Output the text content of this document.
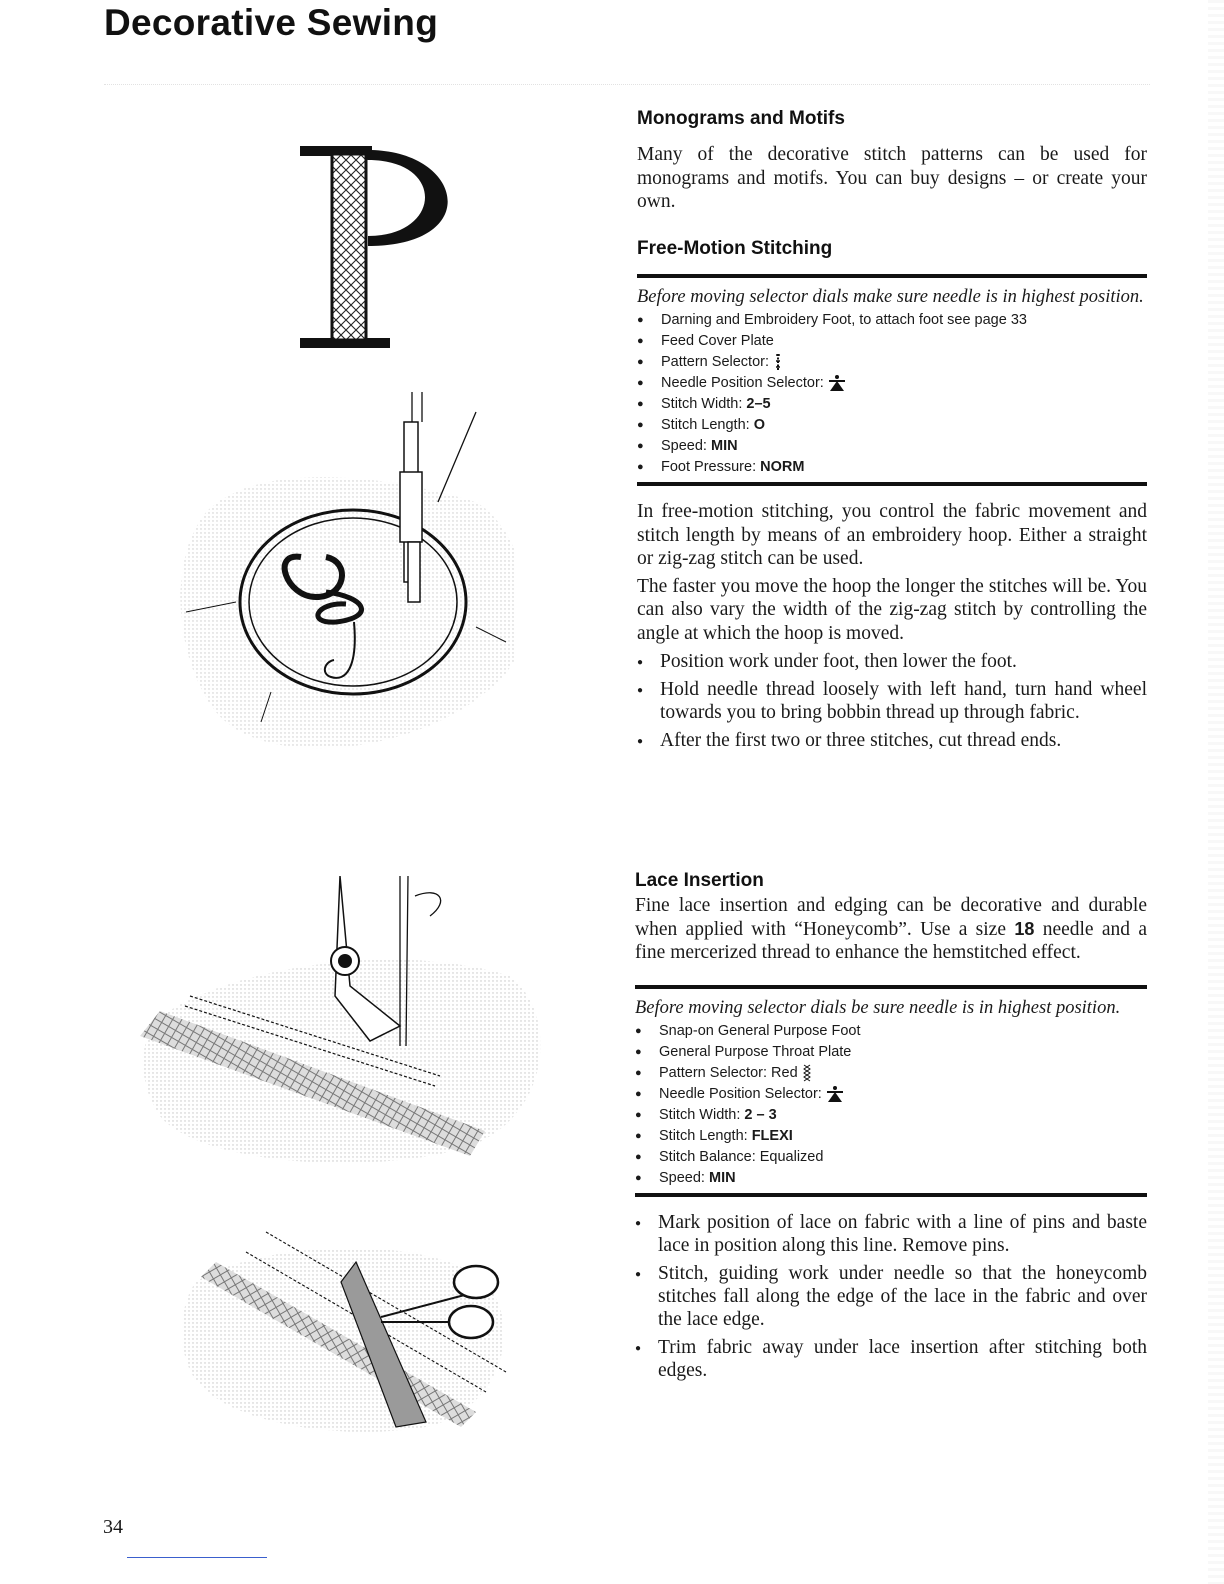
Decorative Sewing
P
CJ
Monograms and Motifs

Many of the decorative stitch patterns can be used for monograms and motifs. You can buy designs – or create your own.

Free-Motion Stitching

Before moving selector dials make sure needle is in highest position.

● Darning and Embroidery Foot, to attach foot see page 33
● Feed Cover Plate
● Pattern Selector:
● Needle Position Selector:
● Stitch Width: 2–5
● Stitch Length: O
● Speed: MIN
● Foot Pressure: NORM

In free-motion stitching, you control the fabric movement and stitch length by means of an embroidery hoop. Either a straight or zig-zag stitch can be used.

The faster you move the hoop the longer the stitches will be. You can also vary the width of the zig-zag stitch by controlling the angle at which the hoop is moved.

● Position work under foot, then lower the foot.
● Hold needle thread loosely with left hand, turn hand wheel towards you to bring bobbin thread up through fabric.
● After the first two or three stitches, cut thread ends.
Lace Insertion

Fine lace insertion and edging can be decorative and durable when applied with “Honeycomb”. Use a size 18 needle and a fine mercerized thread to enhance the hemstitched effect.

Before moving selector dials be sure needle is in highest position.

● Snap-on General Purpose Foot
● General Purpose Throat Plate
● Pattern Selector: Red
● Needle Position Selector:
● Stitch Width: 2 – 3
● Stitch Length: FLEXI
● Stitch Balance: Equalized
● Speed: MIN
● Mark position of lace on fabric with a line of pins and baste lace in position along this line. Remove pins.
● Stitch, guiding work under needle so that the honeycomb stitches fall along the edge of the lace in the fabric and over the lace edge.
● Trim fabric away under lace insertion after stitching both edges.
34
